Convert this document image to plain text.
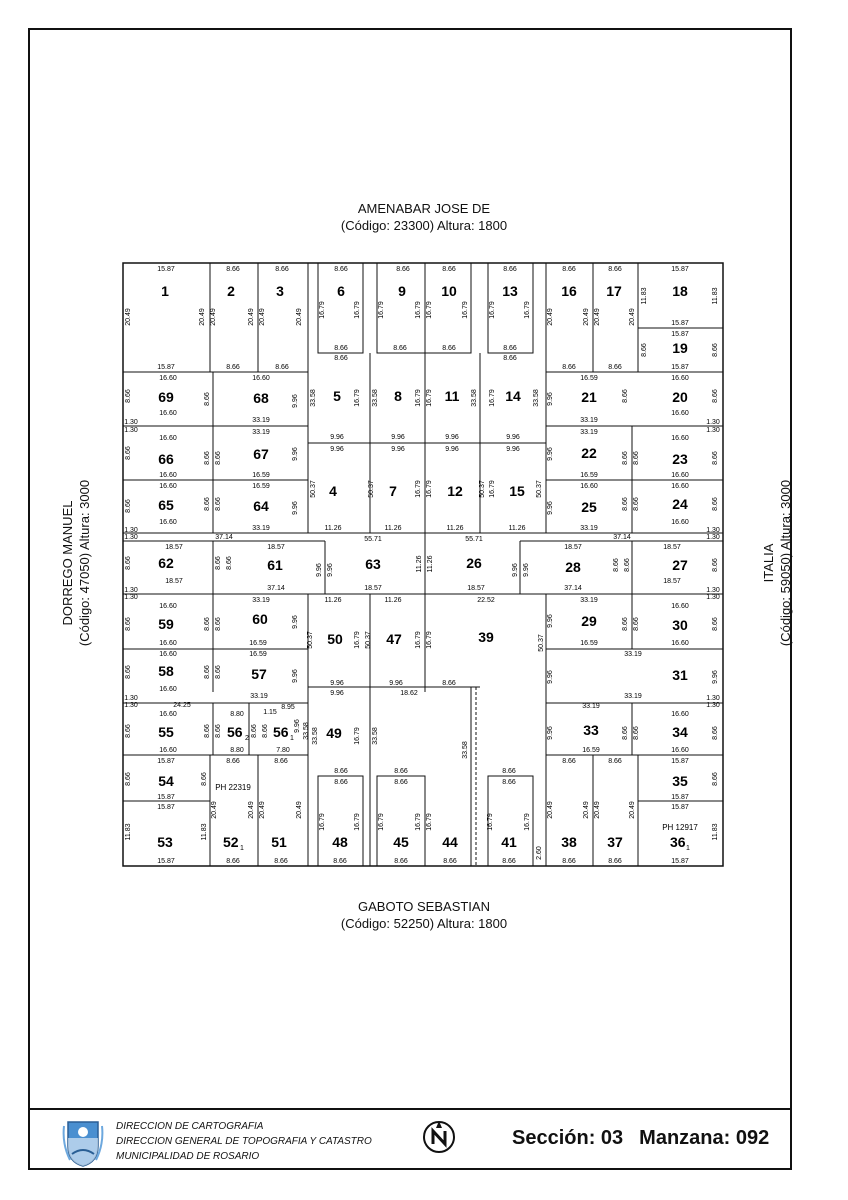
AMENABAR JOSE DE
(Código: 23300) Altura: 1800
GABOTO SEBASTIAN
(Código: 52250) Altura: 1800
DORREGO MANUEL (Código: 47050) Altura: 3000	ITALIA (Código: 59050) Altura: 3000
1	2	3	6	9	10	13	16 17	18
19
69	68	5	8	11	14	21	20
66	67	22	23
65	64
4	7	12	15
25	24
62	61	63	26	28	27
59	60
50	47	39
29	30
58	57	31
55	49	33	34
54	35
53	51	48	45 44	41	38 37
56 2 56 1
52 1	36 1
PH 22319
PH 12917
15.87	8.66	8.66	8.66	8.66	8.66	8.66	8.66	8.66	15.87
15.87
15.87
15.87	8.66	8.66
8.66
8.66
8.66	8.66	8.66
8.66
8.66	8.66	15.87
16.60	16.60	16.59	16.60
16.60	16.60
33.19	33.19
33.19	33.19
16.60	16.60
9.96	9.96	9.96	9.96
9.96	9.96	9.96	9.96
16.60	16.59	16.59	16.60
16.60	16.59	16.60	16.60
16.60	16.60
33.19	33.19
11.26	11.26	11.26	11.26
55.71	55.71
37.14	37.14
18.57	18.57	18.57	18.57
18.57	18.57
37.14	18.57	18.57	37.14
33.19	11.26	11.26	22.52	33.19
16.60	16.60
16.60	16.59	16.59	16.60
16.60	16.59	33.19
16.60
33.19	33.19
9.96
9.96
9.96
18.62
8.66
24.25	8.95
1.15
33.19
16.60	8.80	16.60
16.60	8.80	7.80	16.59	16.60
15.87	8.66	8.66	8.66	8.66	15.87
8.66	8.66	8.66
8.66	8.66	8.66
15.87	15.87
15.87	15.87
15.87	8.66	8.66	8.66	8.66	8.66	8.66	8.66	8.66	15.87
1.30
1.30
1.30
1.30
1.30
1.30
1.30
1.30
1.30
1.30
1.30
1.30
1.30
1.30
1.30
1.30
20.49	20.49 20.49	20.49 20.49	20.49	20.49	20.49 20.49	20.49
11.83	11.83
8.66	8.66
16.79	16.79 16.79	16.79 16.79	16.79	16.79	16.79
8.66	8.66	9.96 33.58	16.79 33.58	16.79 16.79	33.58 16.79	33.58 9.96	8.66	8.66
8.66	8.66 8.66	9.96	9.96	8.66 8.66	8.66
8.66	8.66 8.66	9.96
50.37	50.37	16.79 16.79	50.37 16.79	50.37
9.96	8.66 8.66	8.66
8.66	8.66 8.66
9.96 9.96	11.26 11.26	9.96 9.96	8.66 8.66	8.66
8.66	8.66 8.66	9.96
50.37	16.79 50.37	16.79 16.79	50.37
9.96	8.66 8.66	8.66
8.66	8.66 8.66	9.96	9.96	9.96
8.66	8.66 8.66	8.66 8.66	9.96 33.58 33.58	16.79 33.58
33.58
9.96	8.66 8.66	8.66
8.66	8.66	8.66
11.83	11.83
20.49	20.49 20.49	20.49
16.79	16.79 16.79	16.79 16.79	16.79	16.79
2.60
20.49	20.49 20.49	20.49
11.83
DIRECCION DE CARTOGRAFIA
DIRECCION GENERAL DE TOPOGRAFIA Y CATASTRO
MUNICIPALIDAD DE ROSARIO
Sección: 03 Manzana: 092
